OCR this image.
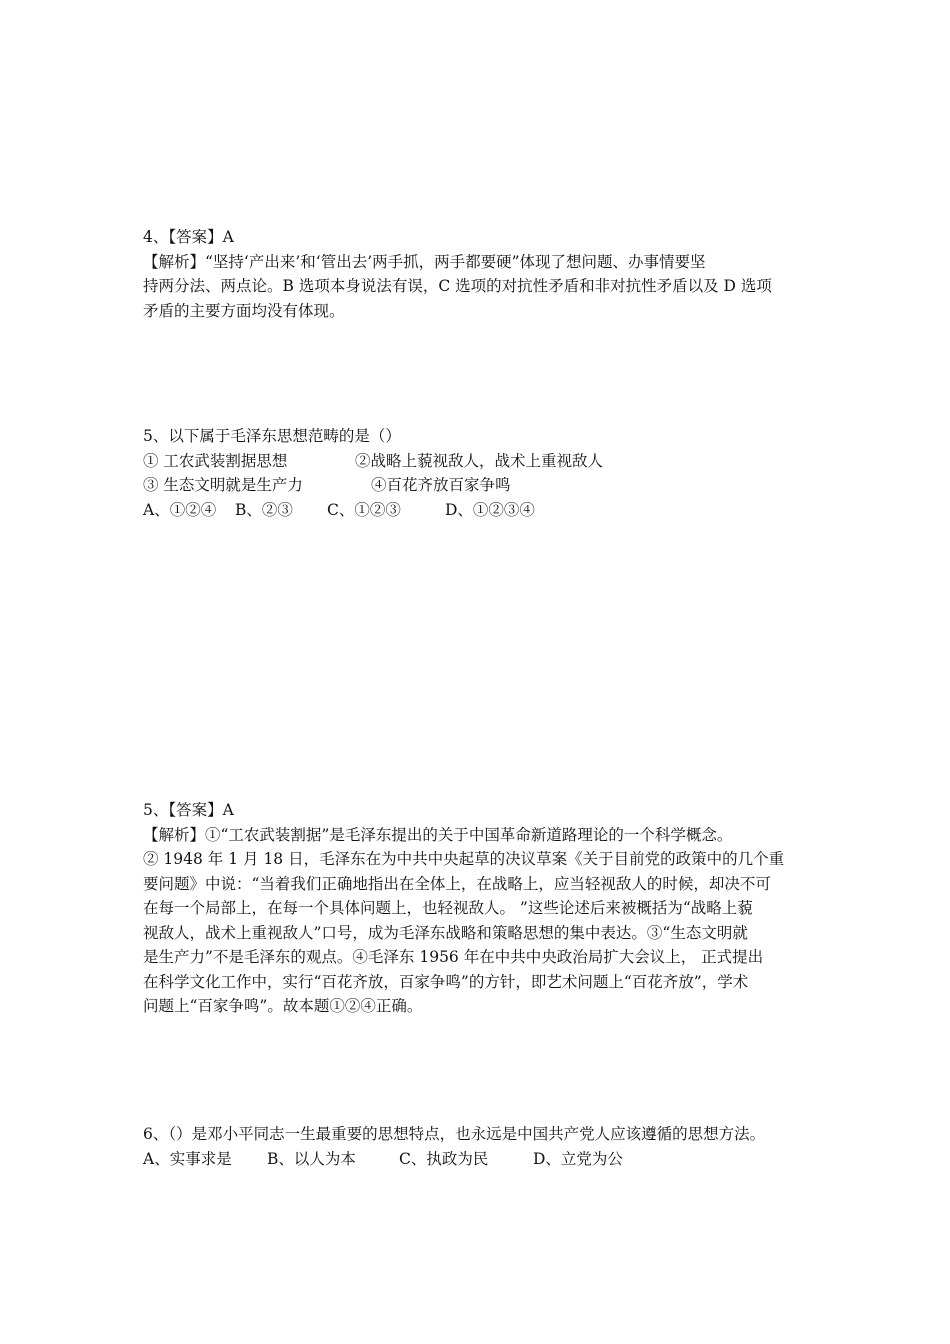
4、【答案】A
【解析】“坚持‘产出来’和‘管出去’两手抓，两手都要硬”体现了想问题、办事情要坚
持两分法、两点论。B 选项本身说法有误，C 选项的对抗性矛盾和非对抗性矛盾以及 D 选项
矛盾的主要方面均没有体现。
5、以下属于毛泽东思想范畴的是（）
① 工农武装割据思想	②战略上藐视敌人，战术上重视敌人
③ 生态文明就是生产力	④百花齐放百家争鸣
A、①②④ B、②③ C、①②③	D、①②③④
5、【答案】A
【解析】①“工农武装割据”是毛泽东提出的关于中国革命新道路理论的一个科学概念。
② 1948 年 1 月 18 日，毛泽东在为中共中央起草的决议草案《关于目前党的政策中的几个重
要问题》中说：“当着我们正确地指出在全体上，在战略上，应当轻视敌人的时候，却决不可
在每一个局部上，在每一个具体问题上，也轻视敌人。 ”这些论述后来被概括为“战略上藐
视敌人，战术上重视敌人”口号，成为毛泽东战略和策略思想的集中表达。③“生态文明就
是生产力”不是毛泽东的观点。④毛泽东 1956 年在中共中央政治局扩大会议上， 正式提出
在科学文化工作中，实行“百花齐放，百家争鸣”的方针，即艺术问题上“百花齐放”，学术
问题上“百家争鸣”。故本题①②④正确。
6、（）是邓小平同志一生最重要的思想特点，也永远是中国共产党人应该遵循的思想方法。
A、实事求是 B、以人为本	C、执政为民	D、立党为公
